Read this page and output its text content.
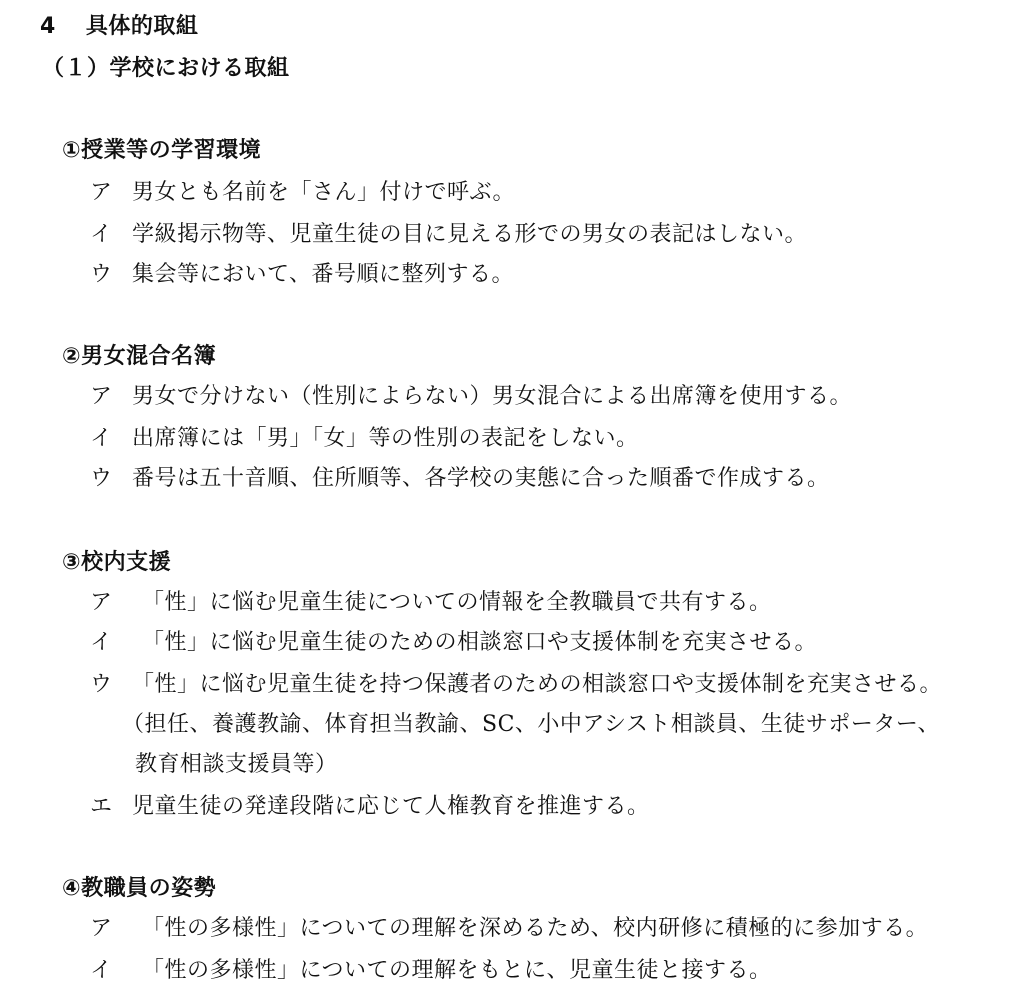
4 具体的取組
（１）学校における取組
①授業等の学習環境
ア 男女とも名前を「さん」付けで呼ぶ。
イ 学級掲示物等、児童生徒の目に見える形での男女の表記はしない。
ウ 集会等において、番号順に整列する。
②男女混合名簿
ア 男女で分けない（性別によらない）男女混合による出席簿を使用する。
イ 出席簿には「男」「女」等の性別の表記をしない。
ウ 番号は五十音順、住所順等、各学校の実態に合った順番で作成する。
③校内支援
ア 「性」に悩む児童生徒についての情報を全教職員で共有する。
イ 「性」に悩む児童生徒のための相談窓口や支援体制を充実させる。
ウ 「性」に悩む児童生徒を持つ保護者のための相談窓口や支援体制を充実させる。
（担任、養護教諭、体育担当教諭、SC、小中アシスト相談員、生徒サポーター、
教育相談支援員等）
エ 児童生徒の発達段階に応じて人権教育を推進する。
④教職員の姿勢
ア 「性の多様性」についての理解を深めるため、校内研修に積極的に参加する。
イ 「性の多様性」についての理解をもとに、児童生徒と接する。
